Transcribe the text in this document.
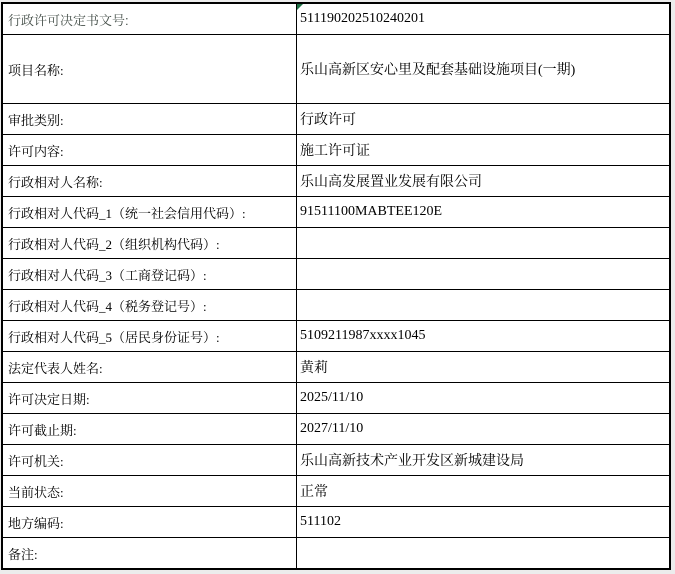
行政许可决定书文号:	511190202510240201
项目名称:	乐山高新区安心里及配套基础设施项目(一期)
审批类别:	行政许可
许可内容:	施工许可证
行政相对人名称:	乐山高发展置业发展有限公司
行政相对人代码_1（统一社会信用代码）:	91511100MABTEE120E
行政相对人代码_2（组织机构代码）:	
行政相对人代码_3（工商登记码）:	
行政相对人代码_4（税务登记号）:	
行政相对人代码_5（居民身份证号）:	5109211987xxxx1045
法定代表人姓名:	黄莉
许可决定日期:	2025/11/10
许可截止期:	2027/11/10
许可机关:	乐山高新技术产业开发区新城建设局
当前状态:	正常
地方编码:	511102
备注:	
